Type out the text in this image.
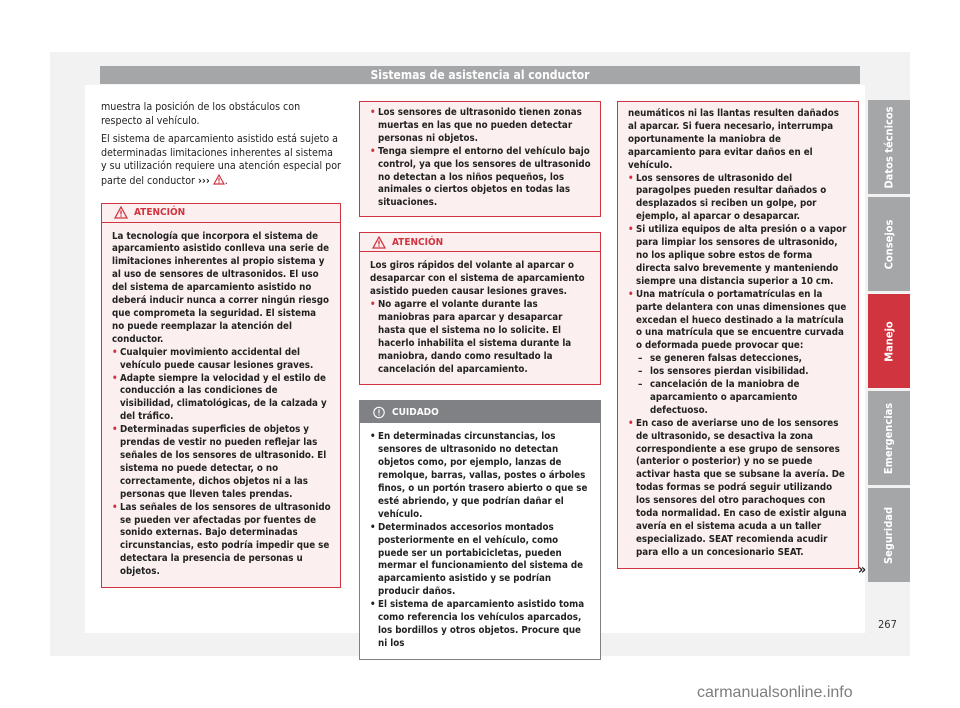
Sistemas de asistencia al conductor

muestra la posición de los obstáculos con respecto al vehículo.

El sistema de aparcamiento asistido está sujeto a determinadas limitaciones inherentes al sistema y su utilización requiere una atención especial por parte del conductor ››› .

ATENCIÓN

La tecnología que incorpora el sistema de aparcamiento asistido conlleva una serie de limitaciones inherentes al propio sistema y al uso de sensores de ultrasonidos. El uso del sistema de aparcamiento asistido no deberá inducir nunca a correr ningún riesgo que comprometa la seguridad. El sistema no puede reemplazar la atención del conductor.

• Cualquier movimiento accidental del vehículo puede causar lesiones graves.

• Adapte siempre la velocidad y el estilo de conducción a las condiciones de visibilidad, climatológicas, de la calzada y del tráfico.

• Determinadas superficies de objetos y prendas de vestir no pueden reflejar las señales de los sensores de ultrasonido. El sistema no puede detectar, o no correctamente, dichos objetos ni a las personas que lleven tales prendas.

• Las señales de los sensores de ultrasonido se pueden ver afectadas por fuentes de sonido externas. Bajo determinadas circunstancias, esto podría impedir que se detectara la presencia de personas u objetos.

• Los sensores de ultrasonido tienen zonas muertas en las que no pueden detectar personas ni objetos.

• Tenga siempre el entorno del vehículo bajo control, ya que los sensores de ultrasonido no detectan a los niños pequeños, los animales o ciertos objetos en todas las situaciones.

ATENCIÓN

Los giros rápidos del volante al aparcar o desaparcar con el sistema de aparcamiento asistido pueden causar lesiones graves.

• No agarre el volante durante las maniobras para aparcar y desaparcar hasta que el sistema no lo solicite. El hacerlo inhabilita el sistema durante la maniobra, dando como resultado la cancelación del aparcamiento.

CUIDADO

• En determinadas circunstancias, los sensores de ultrasonido no detectan objetos como, por ejemplo, lanzas de remolque, barras, vallas, postes o árboles finos, o un portón trasero abierto o que se esté abriendo, y que podrían dañar el vehículo.

• Determinados accesorios montados posteriormente en el vehículo, como puede ser un portabicicletas, pueden mermar el funcionamiento del sistema de aparcamiento asistido y se podrían producir daños.

• El sistema de aparcamiento asistido toma como referencia los vehículos aparcados, los bordillos y otros objetos. Procure que ni los

neumáticos ni las llantas resulten dañados al aparcar. Si fuera necesario, interrumpa oportunamente la maniobra de aparcamiento para evitar daños en el vehículo.

• Los sensores de ultrasonido del paragolpes pueden resultar dañados o desplazados si reciben un golpe, por ejemplo, al aparcar o desaparcar.

• Si utiliza equipos de alta presión o a vapor para limpiar los sensores de ultrasonido, no los aplique sobre estos de forma directa salvo brevemente y manteniendo siempre una distancia superior a 10 cm.

• Una matrícula o portamatrículas en la parte delantera con unas dimensiones que excedan el hueco destinado a la matrícula o una matrícula que se encuentre curvada o deformada puede provocar que:

– se generen falsas detecciones,

– los sensores pierdan visibilidad.

– cancelación de la maniobra de aparcamiento o aparcamiento defectuoso.

• En caso de averiarse uno de los sensores de ultrasonido, se desactiva la zona correspondiente a ese grupo de sensores (anterior o posterior) y no se puede activar hasta que se subsane la avería. De todas formas se podrá seguir utilizando los sensores del otro parachoques con toda normalidad. En caso de existir alguna avería en el sistema acuda a un taller especializado. SEAT recomienda acudir para ello a un concesionario SEAT.

»
Datos técnicos
Consejos
Manejo
Emergencias
Seguridad
267
carmanualsonline.info
